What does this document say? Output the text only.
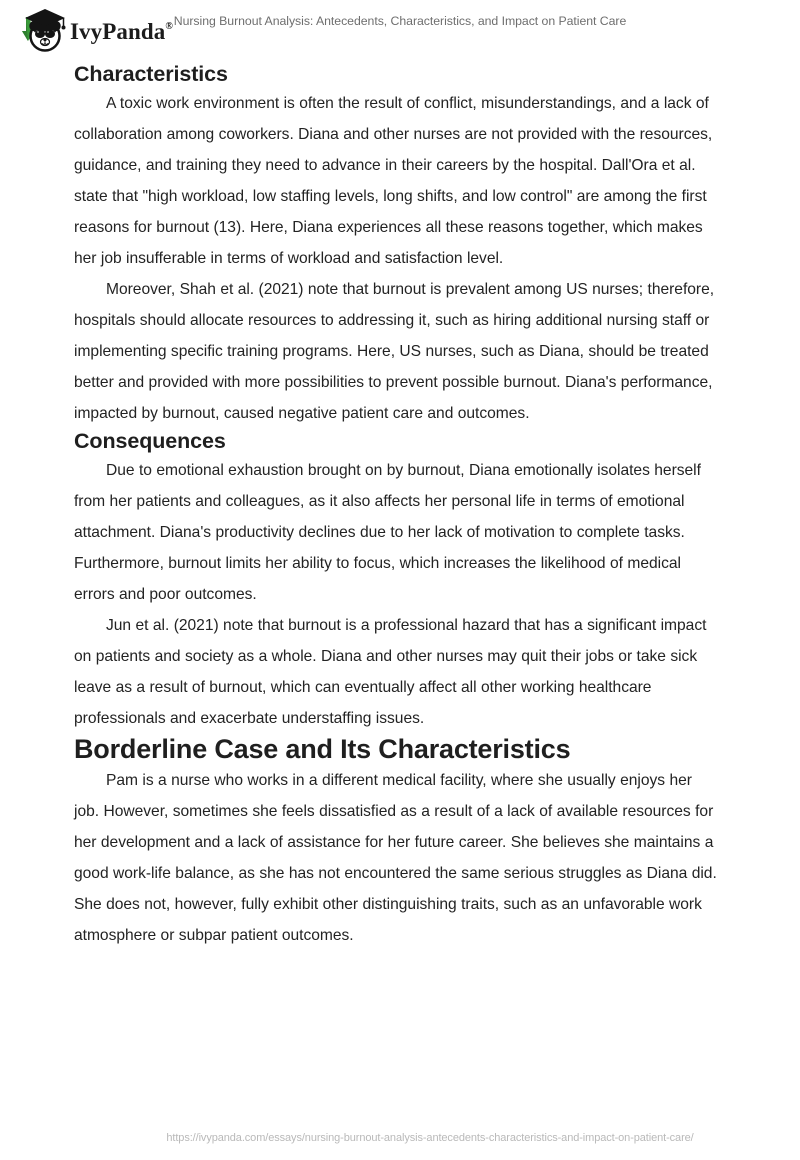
IvyPanda® Nursing Burnout Analysis: Antecedents, Characteristics, and Impact on Patient Care
Characteristics

A toxic work environment is often the result of conflict, misunderstandings, and a lack of collaboration among coworkers. Diana and other nurses are not provided with the resources, guidance, and training they need to advance in their careers by the hospital. Dall'Ora et al. state that "high workload, low staffing levels, long shifts, and low control" are among the first reasons for burnout (13). Here, Diana experiences all these reasons together, which makes her job insufferable in terms of workload and satisfaction level.

Moreover, Shah et al. (2021) note that burnout is prevalent among US nurses; therefore, hospitals should allocate resources to addressing it, such as hiring additional nursing staff or implementing specific training programs. Here, US nurses, such as Diana, should be treated better and provided with more possibilities to prevent possible burnout. Diana's performance, impacted by burnout, caused negative patient care and outcomes.

Consequences

Due to emotional exhaustion brought on by burnout, Diana emotionally isolates herself from her patients and colleagues, as it also affects her personal life in terms of emotional attachment. Diana's productivity declines due to her lack of motivation to complete tasks. Furthermore, burnout limits her ability to focus, which increases the likelihood of medical errors and poor outcomes.

Jun et al. (2021) note that burnout is a professional hazard that has a significant impact on patients and society as a whole. Diana and other nurses may quit their jobs or take sick leave as a result of burnout, which can eventually affect all other working healthcare professionals and exacerbate understaffing issues.

Borderline Case and Its Characteristics

Pam is a nurse who works in a different medical facility, where she usually enjoys her job. However, sometimes she feels dissatisfied as a result of a lack of available resources for her development and a lack of assistance for her future career. She believes she maintains a good work-life balance, as she has not encountered the same serious struggles as Diana did. She does not, however, fully exhibit other distinguishing traits, such as an unfavorable work atmosphere or subpar patient outcomes.

https://ivypanda.com/essays/nursing-burnout-analysis-antecedents-characteristics-and-impact-on-patient-care/
